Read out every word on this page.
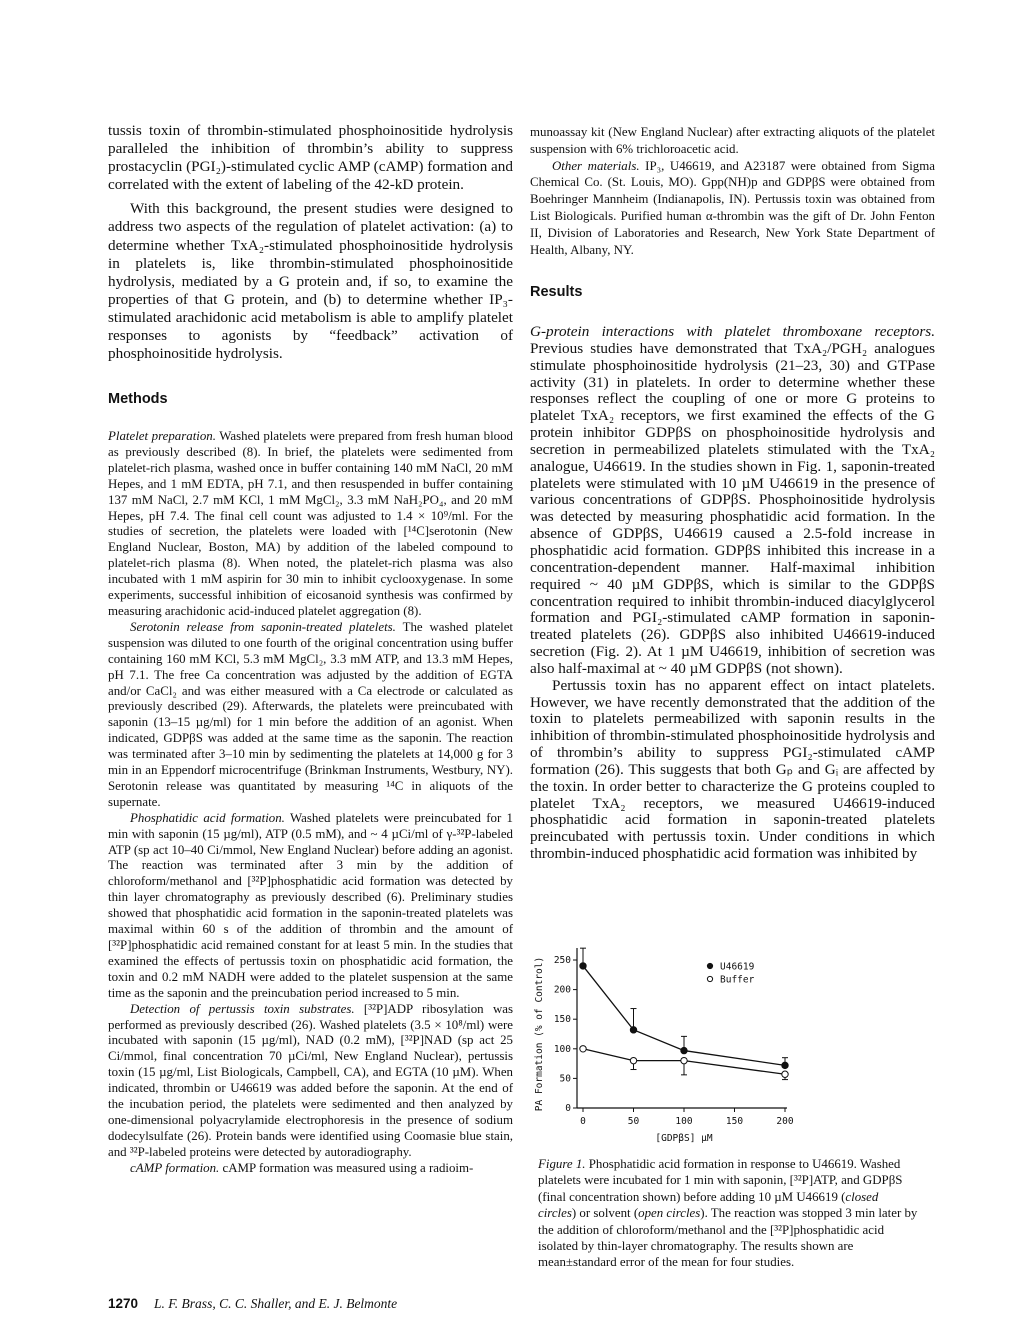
tussis toxin of thrombin-stimulated phosphoinositide hydrolysis paralleled the inhibition of thrombin’s ability to suppress prostacyclin (PGI₂)-stimulated cyclic AMP (cAMP) formation and correlated with the extent of labeling of the 42-kD protein.

With this background, the present studies were designed to address two aspects of the regulation of platelet activation: (a) to determine whether TxA₂-stimulated phosphoinositide hydrolysis in platelets is, like thrombin-stimulated phosphoinositide hydrolysis, mediated by a G protein and, if so, to examine the properties of that G protein, and (b) to determine whether IP₃-stimulated arachidonic acid metabolism is able to amplify platelet responses to agonists by “feedback” activation of phosphoinositide hydrolysis.

Methods

Platelet preparation. Washed platelets were prepared from fresh human blood as previously described (8). In brief, the platelets were sedimented from platelet-rich plasma, washed once in buffer containing 140 mM NaCl, 20 mM Hepes, and 1 mM EDTA, pH 7.1, and then resuspended in buffer containing 137 mM NaCl, 2.7 mM KCl, 1 mM MgCl₂, 3.3 mM NaH₂PO₄, and 20 mM Hepes, pH 7.4. The final cell count was adjusted to 1.4 × 10⁹/ml. For the studies of secretion, the platelets were loaded with [¹⁴C]serotonin (New England Nuclear, Boston, MA) by addition of the labeled compound to platelet-rich plasma (8). When noted, the platelet-rich plasma was also incubated with 1 mM aspirin for 30 min to inhibit cyclooxygenase. In some experiments, successful inhibition of eicosanoid synthesis was confirmed by measuring arachidonic acid-induced platelet aggregation (8).

Serotonin release from saponin-treated platelets. The washed platelet suspension was diluted to one fourth of the original concentration using buffer containing 160 mM KCl, 5.3 mM MgCl₂, 3.3 mM ATP, and 13.3 mM Hepes, pH 7.1. The free Ca concentration was adjusted by the addition of EGTA and/or CaCl₂ and was either measured with a Ca electrode or calculated as previously described (29). Afterwards, the platelets were preincubated with saponin (13–15 µg/ml) for 1 min before the addition of an agonist. When indicated, GDPβS was added at the same time as the saponin. The reaction was terminated after 3–10 min by sedimenting the platelets at 14,000 g for 3 min in an Eppendorf microcentrifuge (Brinkman Instruments, Westbury, NY). Serotonin release was quantitated by measuring ¹⁴C in aliquots of the supernate.

Phosphatidic acid formation. Washed platelets were preincubated for 1 min with saponin (15 µg/ml), ATP (0.5 mM), and ~ 4 µCi/ml of γ-³²P-labeled ATP (sp act 10–40 Ci/mmol, New England Nuclear) before adding an agonist. The reaction was terminated after 3 min by the addition of chloroform/methanol and [³²P]phosphatidic acid formation was detected by thin layer chromatography as previously described (6). Preliminary studies showed that phosphatidic acid formation in the saponin-treated platelets was maximal within 60 s of the addition of thrombin and the amount of [³²P]phosphatidic acid remained constant for at least 5 min. In the studies that examined the effects of pertussis toxin on phosphatidic acid formation, the toxin and 0.2 mM NADH were added to the platelet suspension at the same time as the saponin and the preincubation period increased to 5 min.

Detection of pertussis toxin substrates. [³²P]ADP ribosylation was performed as previously described (26). Washed platelets (3.5 × 10⁸/ml) were incubated with saponin (15 µg/ml), NAD (0.2 mM), [³²P]NAD (sp act 25 Ci/mmol, final concentration 70 µCi/ml, New England Nuclear), pertussis toxin (15 µg/ml, List Biologicals, Campbell, CA), and EGTA (10 µM). When indicated, thrombin or U46619 was added before the saponin. At the end of the incubation period, the platelets were sedimented and then analyzed by one-dimensional polyacrylamide electrophoresis in the presence of sodium dodecylsulfate (26). Protein bands were identified using Coomasie blue stain, and ³²P-labeled proteins were detected by autoradiography.

cAMP formation. cAMP formation was measured using a radioim-

munoassay kit (New England Nuclear) after extracting aliquots of the platelet suspension with 6% trichloroacetic acid.

Other materials. IP₃, U46619, and A23187 were obtained from Sigma Chemical Co. (St. Louis, MO). Gpp(NH)p and GDPβS were obtained from Boehringer Mannheim (Indianapolis, IN). Pertussis toxin was obtained from List Biologicals. Purified human α-thrombin was the gift of Dr. John Fenton II, Division of Laboratories and Research, New York State Department of Health, Albany, NY.

Results

G-protein interactions with platelet thromboxane receptors. Previous studies have demonstrated that TxA₂/PGH₂ analogues stimulate phosphoinositide hydrolysis (21–23, 30) and GTPase activity (31) in platelets. In order to determine whether these responses reflect the coupling of one or more G proteins to platelet TxA₂ receptors, we first examined the effects of the G protein inhibitor GDPβS on phosphoinositide hydrolysis and secretion in permeabilized platelets stimulated with the TxA₂ analogue, U46619. In the studies shown in Fig. 1, saponin-treated platelets were stimulated with 10 µM U46619 in the presence of various concentrations of GDPβS. Phosphoinositide hydrolysis was detected by measuring phosphatidic acid formation. In the absence of GDPβS, U46619 caused a 2.5-fold increase in phosphatidic acid formation. GDPβS inhibited this increase in a concentration-dependent manner. Half-maximal inhibition required ~ 40 µM GDPβS, which is similar to the GDPβS concentration required to inhibit thrombin-induced diacylglycerol formation and PGI₂-stimulated cAMP formation in saponin-treated platelets (26). GDPβS also inhibited U46619-induced secretion (Fig. 2). At 1 µM U46619, inhibition of secretion was also half-maximal at ~ 40 µM GDPβS (not shown).

Pertussis toxin has no apparent effect on intact platelets. However, we have recently demonstrated that the addition of the toxin to platelets permeabilized with saponin results in the inhibition of thrombin-stimulated phosphoinositide hydrolysis and of thrombin’s ability to suppress PGI₂-stimulated cAMP formation (26). This suggests that both Gₚ and Gᵢ are affected by the toxin. In order better to characterize the G proteins coupled to platelet TxA₂ receptors, we measured U46619-induced phosphatidic acid formation in saponin-treated platelets preincubated with pertussis toxin. Under conditions in which thrombin-induced phosphatidic acid formation was inhibited by

0
50
100
150
200
250
0	50	100	150	200
[GDPβS] µM
PA Formation (% of Control)	U46619
Buffer
Figure 1. Phosphatidic acid formation in response to U46619. Washed platelets were incubated for 1 min with saponin, [³²P]ATP, and GDPβS (final concentration shown) before adding 10 µM U46619 (closed circles) or solvent (open circles). The reaction was stopped 3 min later by the addition of chloroform/methanol and the [³²P]phosphatidic acid isolated by thin-layer chromatography. The results shown are mean±standard error of the mean for four studies.
1270 L. F. Brass, C. C. Shaller, and E. J. Belmonte
